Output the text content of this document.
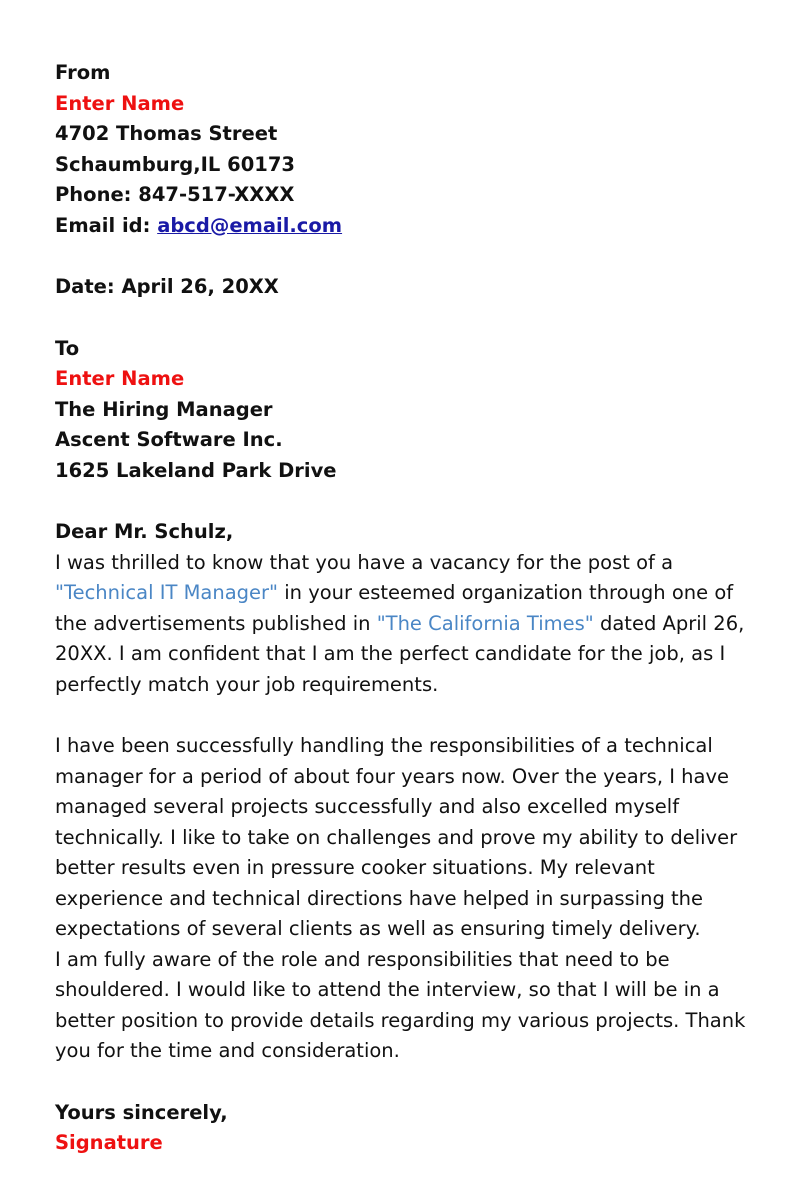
From
Enter Name
4702 Thomas Street
Schaumburg,IL 60173
Phone: 847-517-XXXX
Email id: abcd@email.com
Date: April 26, 20XX
To
Enter Name
The Hiring Manager
Ascent Software Inc.
1625 Lakeland Park Drive
Dear Mr. Schulz,

I was thrilled to know that you have a vacancy for the post of a
"Technical IT Manager" in your esteemed organization through one of the advertisements published in "The California Times" dated April 26, 20XX. I am confident that I am the perfect candidate for the job, as I perfectly match your job requirements.

I have been successfully handling the responsibilities of a technical manager for a period of about four years now. Over the years, I have managed several projects successfully and also excelled myself technically. I like to take on challenges and prove my ability to deliver better results even in pressure cooker situations. My relevant experience and technical directions have helped in surpassing the expectations of several clients as well as ensuring timely delivery.

I am fully aware of the role and responsibilities that need to be shouldered. I would like to attend the interview, so that I will be in a better position to provide details regarding my various projects. Thank you for the time and consideration.

Yours sincerely,
Signature
